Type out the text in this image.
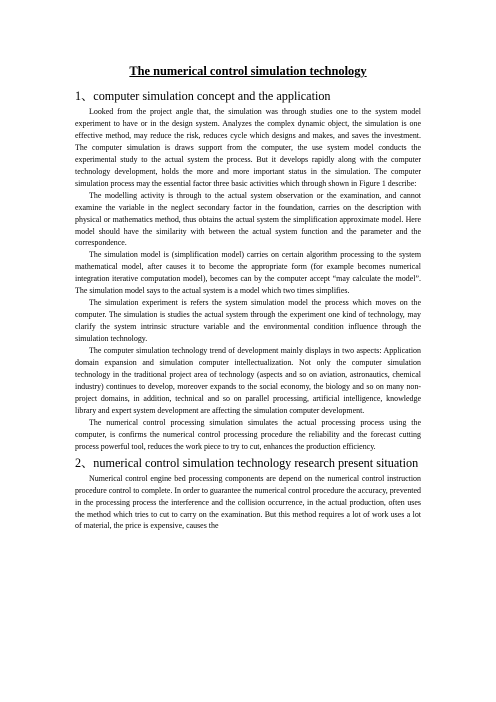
The numerical control simulation technology
1、computer simulation concept and the application

Looked from the project angle that, the simulation was through studies one to the system model experiment to have or in the design system. Analyzes the complex dynamic object, the simulation is one effective method, may reduce the risk, reduces cycle which designs and makes, and saves the investment. The computer simulation is draws support from the computer, the use system model conducts the experimental study to the actual system the process. But it develops rapidly along with the computer technology development, holds the more and more important status in the simulation. The computer simulation process may the essential factor three basic activities which through shown in Figure 1 describe:

The modelling activity is through to the actual system observation or the examination, and cannot examine the variable in the neglect secondary factor in the foundation, carries on the description with physical or mathematics method, thus obtains the actual system the simplification approximate model. Here model should have the similarity with between the actual system function and the parameter and the correspondence.

The simulation model is (simplification model) carries on certain algorithm processing to the system mathematical model, after causes it to become the appropriate form (for example becomes numerical integration iterative computation model), becomes can by the computer accept “may calculate the model”. The simulation model says to the actual system is a model which two times simplifies.

The simulation experiment is refers the system simulation model the process which moves on the computer. The simulation is studies the actual system through the experiment one kind of technology, may clarify the system intrinsic structure variable and the environmental condition influence through the simulation technology.

The computer simulation technology trend of development mainly displays in two aspects: Application domain expansion and simulation computer intellectualization. Not only the computer simulation technology in the traditional project area of technology (aspects and so on aviation, astronautics, chemical industry) continues to develop, moreover expands to the social economy, the biology and so on many non-project domains, in addition, technical and so on parallel processing, artificial intelligence, knowledge library and expert system development are affecting the simulation computer development.

The numerical control processing simulation simulates the actual processing process using the computer, is confirms the numerical control processing procedure the reliability and the forecast cutting process powerful tool, reduces the work piece to try to cut, enhances the production efficiency.

2、numerical control simulation technology research present situation

Numerical control engine bed processing components are depend on the numerical control instruction procedure control to complete. In order to guarantee the numerical control procedure the accuracy, prevented in the processing process the interference and the collision occurrence, in the actual production, often uses the method which tries to cut to carry on the examination. But this method requires a lot of work uses a lot of material, the price is expensive, causes the
